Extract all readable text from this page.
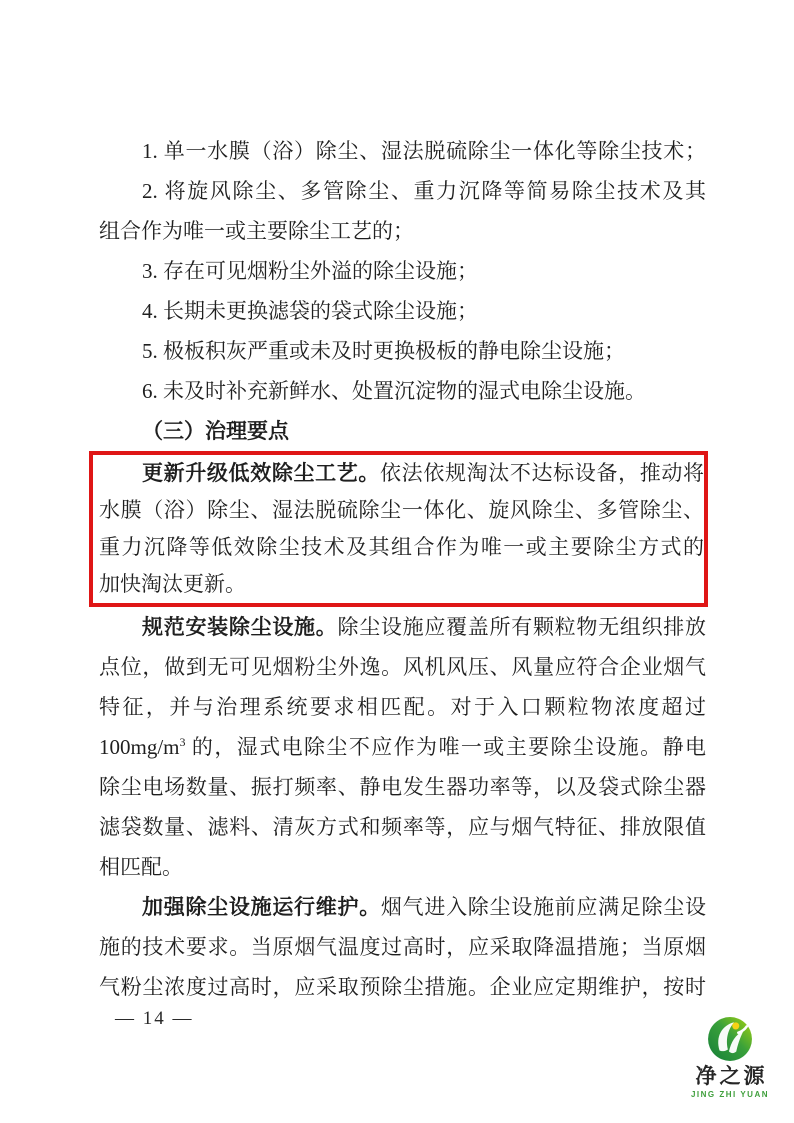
1. 单一水膜（浴）除尘、湿法脱硫除尘一体化等除尘技术；
2. 将旋风除尘、多管除尘、重力沉降等简易除尘技术及其
组合作为唯一或主要除尘工艺的；
3. 存在可见烟粉尘外溢的除尘设施；
4. 长期未更换滤袋的袋式除尘设施；
5. 极板积灰严重或未及时更换极板的静电除尘设施；
6. 未及时补充新鲜水、处置沉淀物的湿式电除尘设施。
（三）治理要点
更新升级低效除尘工艺。依法依规淘汰不达标设备，推动将
水膜（浴）除尘、湿法脱硫除尘一体化、旋风除尘、多管除尘、
重力沉降等低效除尘技术及其组合作为唯一或主要除尘方式的
加快淘汰更新。
规范安装除尘设施。除尘设施应覆盖所有颗粒物无组织排放
点位，做到无可见烟粉尘外逸。风机风压、风量应符合企业烟气
特征，并与治理系统要求相匹配。对于入口颗粒物浓度超过
$100mg/m^3$ 的，湿式电除尘不应作为唯一或主要除尘设施。静电
除尘电场数量、振打频率、静电发生器功率等，以及袋式除尘器
滤袋数量、滤料、清灰方式和频率等，应与烟气特征、排放限值
相匹配。
加强除尘设施运行维护。烟气进入除尘设施前应满足除尘设
施的技术要求。当原烟气温度过高时，应采取降温措施；当原烟
气粉尘浓度过高时，应采取预除尘措施。企业应定期维护，按时
— 14 —
净之源
JING ZHI YUAN
